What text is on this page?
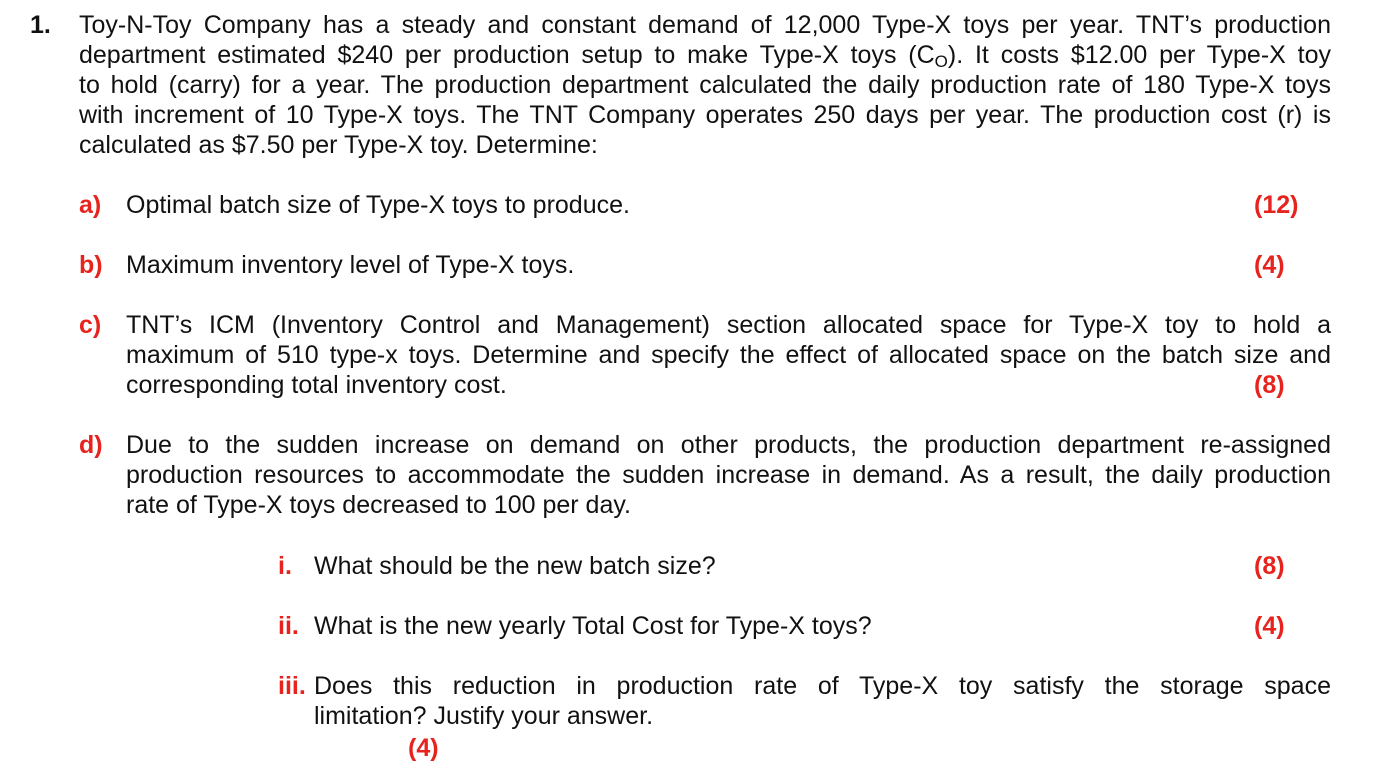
1. Toy-N-Toy Company has a steady and constant demand of 12,000 Type-X toys per year. TNT’s production
department estimated $240 per production setup to make Type-X toys $(C_O)$. It costs $12.00 per Type-X toy
to hold (carry) for a year. The production department calculated the daily production rate of 180 Type-X toys
with increment of 10 Type-X toys. The TNT Company operates 250 days per year. The production cost (r) is
calculated as $7.50 per Type-X toy. Determine:
a) Optimal batch size of Type-X toys to produce.	(12)
b) Maximum inventory level of Type-X toys.	(4)
c) TNT’s ICM (Inventory Control and Management) section allocated space for Type-X toy to hold a
maximum of 510 type-x toys. Determine and specify the effect of allocated space on the batch size and
corresponding total inventory cost.	(8)
d) Due to the sudden increase on demand on other products, the production department re-assigned
production resources to accommodate the sudden increase in demand. As a result, the daily production
rate of Type-X toys decreased to 100 per day.
i. What should be the new batch size?	(8)
ii. What is the new yearly Total Cost for Type-X toys?	(4)
iii. Does this reduction in production rate of Type-X toy satisfy the storage space
limitation? Justify your answer.
(4)
